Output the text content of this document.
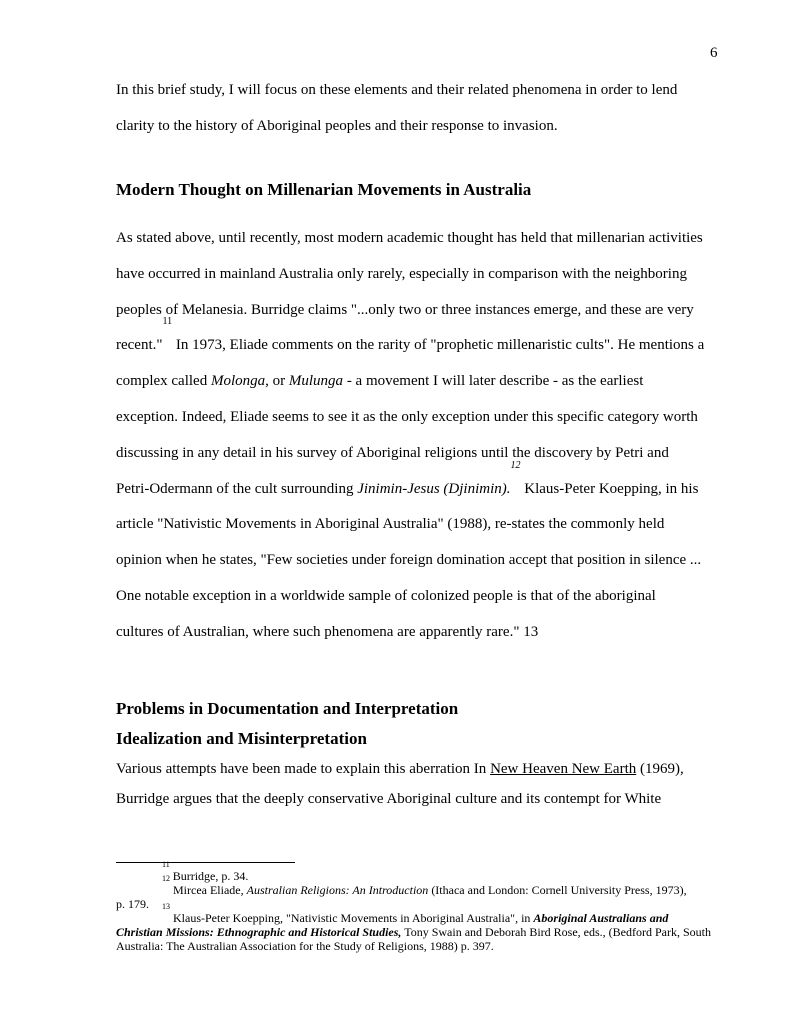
6
In this brief study, I will focus on these elements and their related phenomena in order to lend
clarity to the history of Aboriginal peoples and their response to invasion.
Modern Thought on Millenarian Movements in Australia
As stated above, until recently, most modern academic thought has held that millenarian activities
have occurred in mainland Australia only rarely, especially in comparison with the neighboring
peoples of Melanesia. Burridge claims "...only two or three instances emerge, and these are very
recent."$^{11}$ In 1973, Eliade comments on the rarity of "prophetic millenaristic cults". He mentions a
complex called Molonga, or Mulunga - a movement I will later describe - as the earliest
exception. Indeed, Eliade seems to see it as the only exception under this specific category worth
discussing in any detail in his survey of Aboriginal religions until the discovery by Petri and
Petri-Odermann of the cult surrounding Jinimin-Jesus (Djinimin).$^{12}$ Klaus-Peter Koepping, in his
article "Nativistic Movements in Aboriginal Australia" (1988), re-states the commonly held
opinion when he states, "Few societies under foreign domination accept that position in silence ...
One notable exception in a worldwide sample of colonized people is that of the aboriginal
cultures of Australian, where such phenomena are apparently rare." 13
Problems in Documentation and Interpretation
Idealization and Misinterpretation
Various attempts have been made to explain this aberration In New Heaven New Earth (1969),
Burridge argues that the deeply conservative Aboriginal culture and its contempt for White
$^{11}$ Burridge, p. 34.
$^{12}$ Mircea Eliade, Australian Religions: An Introduction (Ithaca and London: Cornell University Press, 1973),
p. 179.	$^{13}$ Klaus-Peter Koepping, "Nativistic Movements in Aboriginal Australia", in Aboriginal Australians and
Christian Missions: Ethnographic and Historical Studies, Tony Swain and Deborah Bird Rose, eds., (Bedford Park, South
Australia: The Australian Association for the Study of Religions, 1988) p. 397.
